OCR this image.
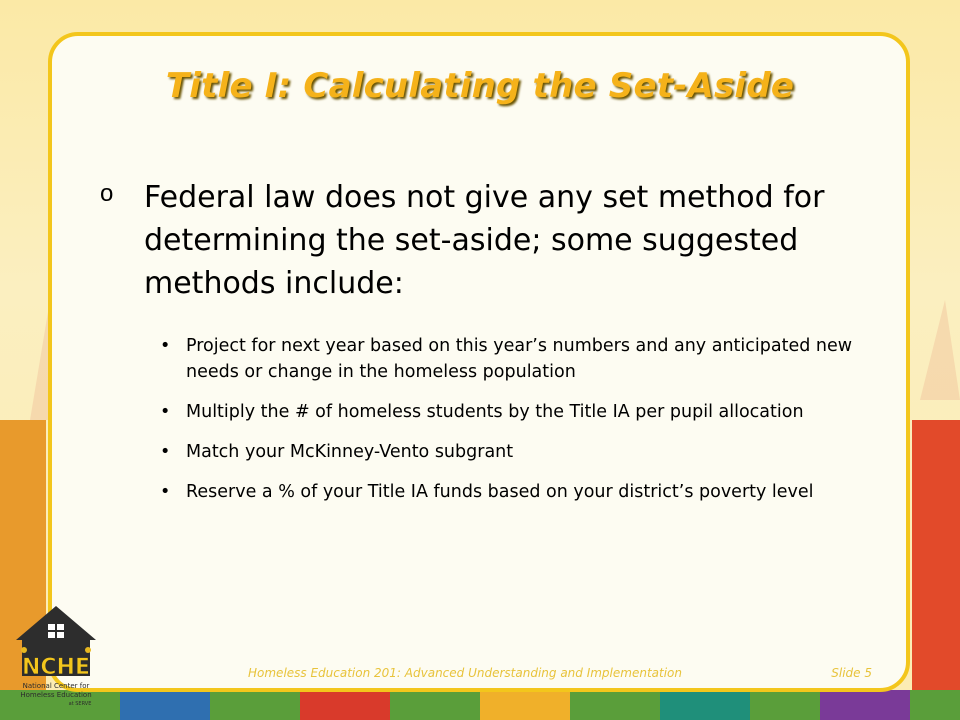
Title I: Calculating the Set-Aside
o Federal law does not give any set method for determining the set-aside; some suggested methods include:
• Project for next year based on this year’s numbers and any anticipated new needs or change in the homeless population
• Multiply the # of homeless students by the Title IA per pupil allocation
• Match your McKinney-Vento subgrant
• Reserve a % of your Title IA funds based on your district’s poverty level
Homeless Education 201: Advanced Understanding and Implementation	Slide 5
NCHE
National Center for
Homeless Education
at SERVE
